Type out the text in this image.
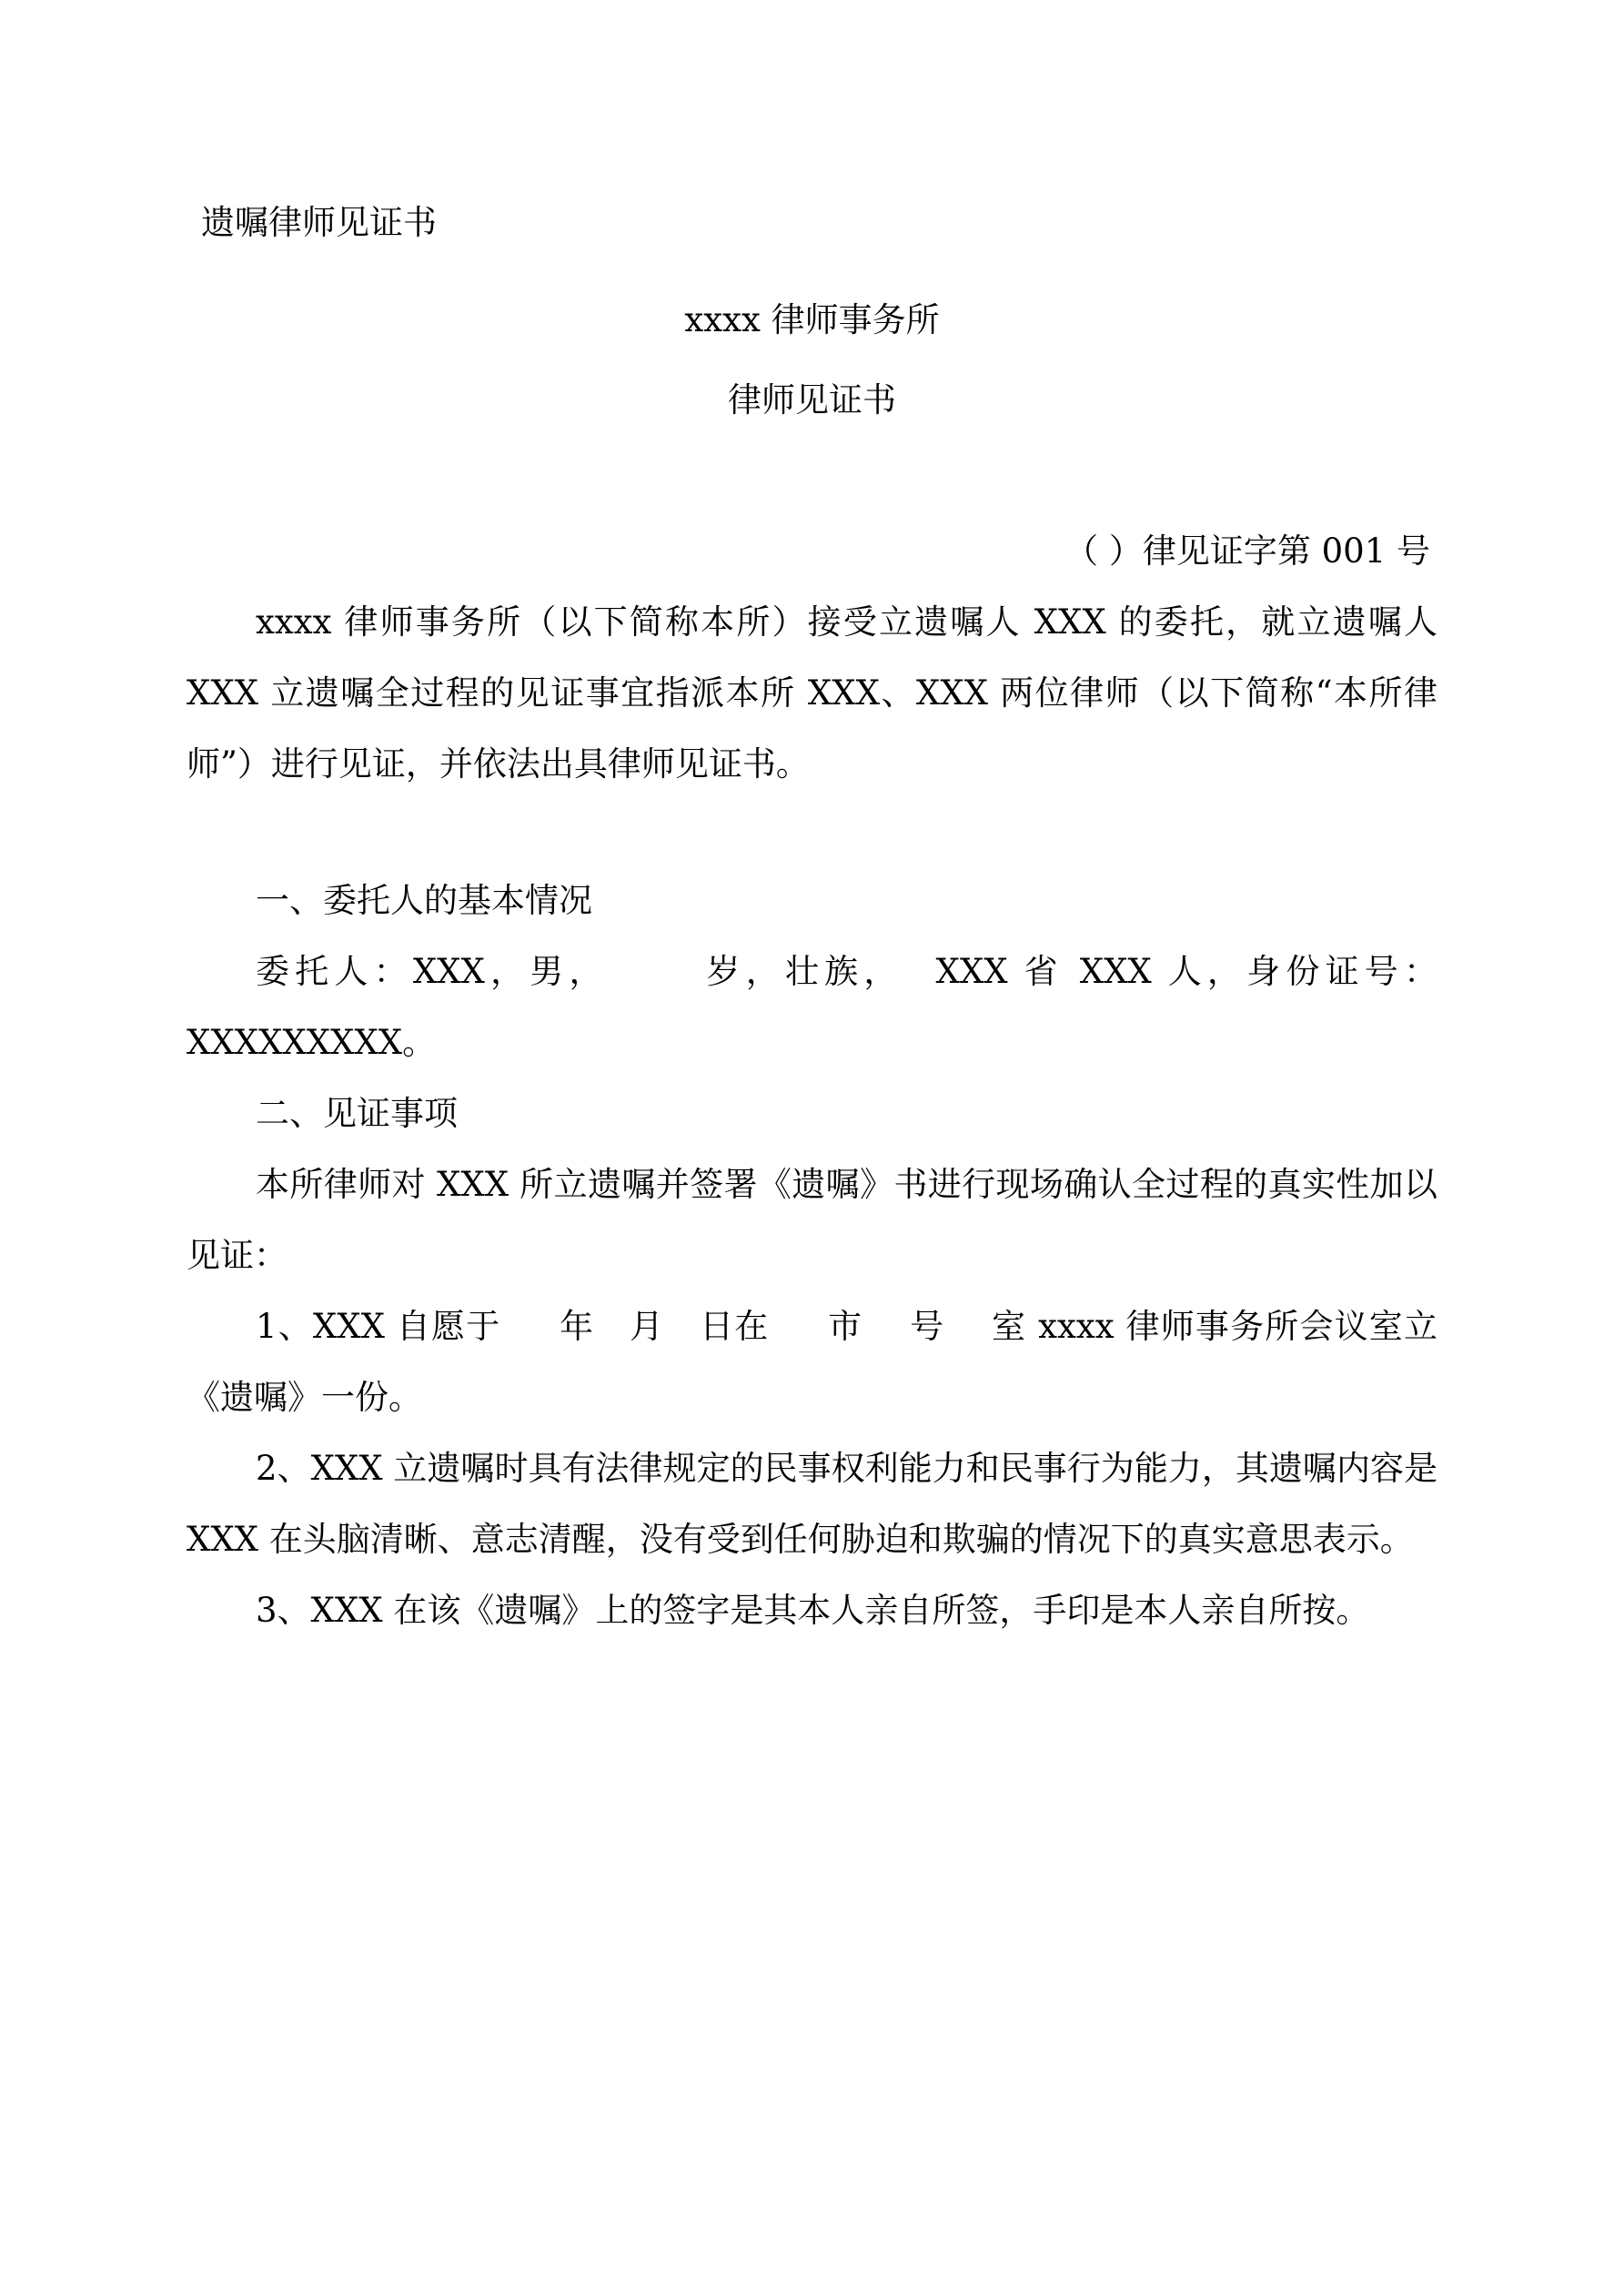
遗嘱律师见证书
xxxx 律师事务所
律师见证书
（ ）律见证字第 001 号
xxxx 律师事务所（以下简称本所）接受立遗嘱人 XXX 的委托，就立遗嘱人 XXX 立遗嘱全过程的见证事宜指派本所 XXX、XXX 两位律师（以下简称“本所律师”）进行见证，并依法出具律师见证书。
一、委托人的基本情况
委托人：XXX，男，      岁，壮族，  XXX 省 XXX 人，身份证号：XXXXXXXXX。
二、见证事项
本所律师对 XXX 所立遗嘱并签署《遗嘱》书进行现场确认全过程的真实性加以见证：
1、XXX 自愿于     年   月   日在     市    号    室 xxxx 律师事务所会议室立《遗嘱》一份。
2、XXX 立遗嘱时具有法律规定的民事权利能力和民事行为能力，其遗嘱内容是 XXX 在头脑清晰、意志清醒，没有受到任何胁迫和欺骗的情况下的真实意思表示。
3、XXX 在该《遗嘱》上的签字是其本人亲自所签，手印是本人亲自所按。
